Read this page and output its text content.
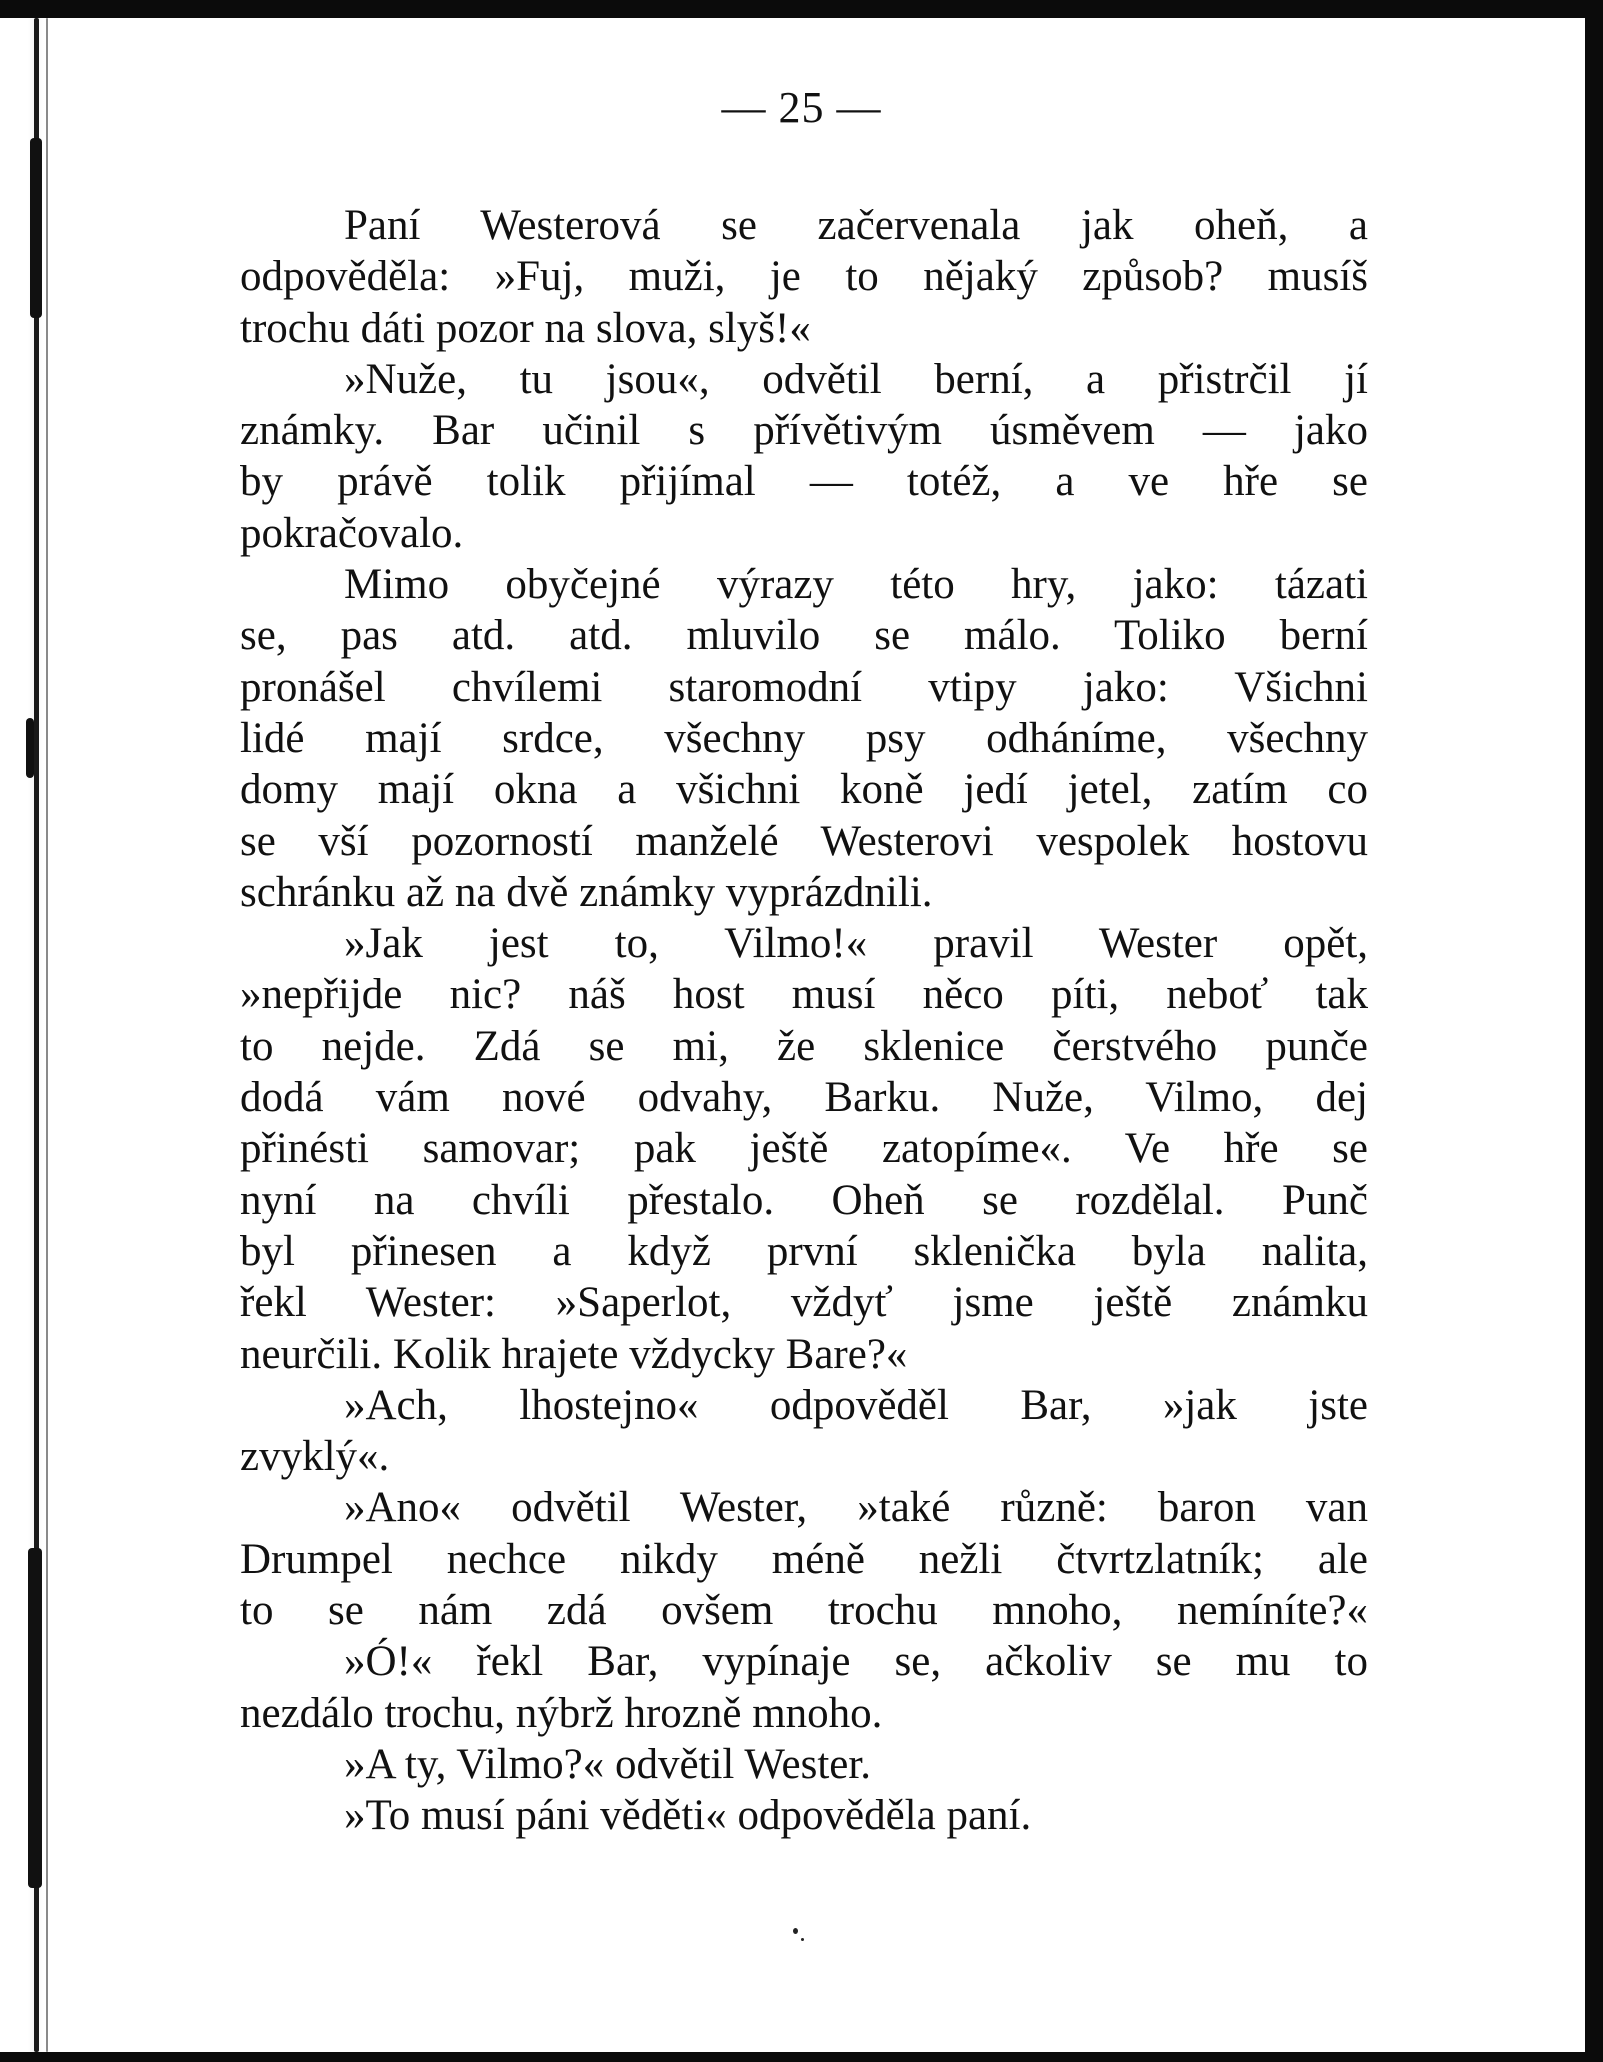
— 25 —
Paní Westerová se začervenala jak oheň, a
odpověděla: »Fuj, muži, je to nějaký způsob? musíš
trochu dáti pozor na slova, slyš!«
»Nuže, tu jsou«, odvětil berní, a přistrčil jí
známky. Bar učinil s přívětivým úsměvem — jako
by právě tolik přijímal — totéž, a ve hře se
pokračovalo.
Mimo obyčejné výrazy této hry, jako: tázati
se, pas atd. atd. mluvilo se málo. Toliko berní
pronášel chvílemi staromodní vtipy jako: Všichni
lidé mají srdce, všechny psy odháníme, všechny
domy mají okna a všichni koně jedí jetel, zatím co
se vší pozorností manželé Westerovi vespolek hostovu
schránku až na dvě známky vyprázdnili.
»Jak jest to, Vilmo!« pravil Wester opět,
»nepřijde nic? náš host musí něco píti, neboť tak
to nejde. Zdá se mi, že sklenice čerstvého punče
dodá vám nové odvahy, Barku. Nuže, Vilmo, dej
přinésti samovar; pak ještě zatopíme«. Ve hře se
nyní na chvíli přestalo. Oheň se rozdělal. Punč
byl přinesen a když první sklenička byla nalita,
řekl Wester: »Saperlot, vždyť jsme ještě známku
neurčili. Kolik hrajete vždycky Bare?«
»Ach, lhostejno« odpověděl Bar, »jak jste
zvyklý«.
»Ano« odvětil Wester, »také různě: baron van
Drumpel nechce nikdy méně nežli čtvrtzlatník; ale
to se nám zdá ovšem trochu mnoho, nemíníte?«
»Ó!« řekl Bar, vypínaje se, ačkoliv se mu to
nezdálo trochu, nýbrž hrozně mnoho.
»A ty, Vilmo?« odvětil Wester.
»To musí páni věděti« odpověděla paní.
